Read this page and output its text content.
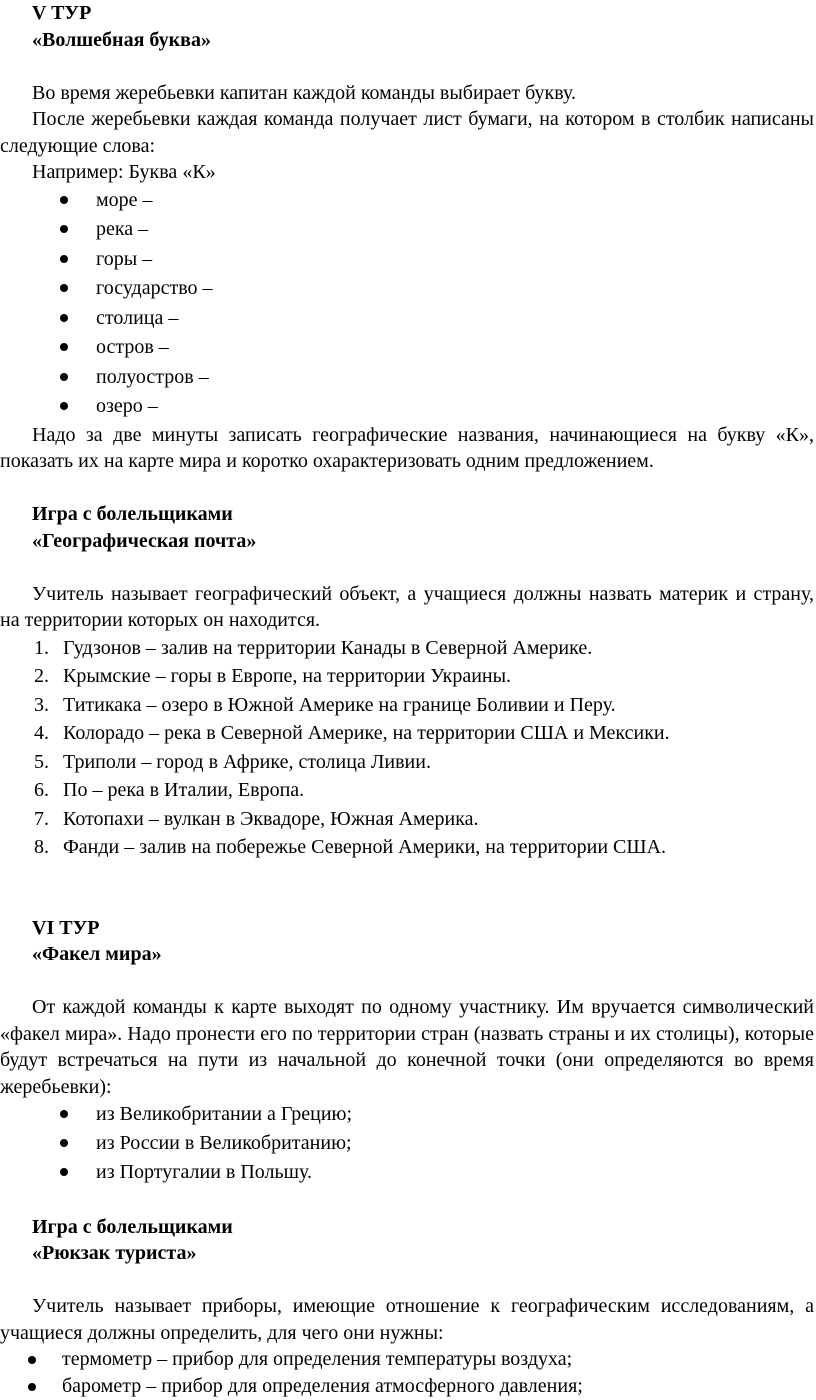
V ТУР

«Волшебная буква»

Во время жеребьевки капитан каждой команды выбирает букву.

После жеребьевки каждая команда получает лист бумаги, на котором в столбик написаны следующие слова:

Например: Буква «К»

море –
река –
горы –
государство –
столица –
остров –
полуостров –
озеро –

Надо за две минуты записать географические названия, начинающиеся на букву «К», показать их на карте мира и коротко охарактеризовать одним предложением.

Игра с болельщиками

«Географическая почта»

Учитель называет географический объект, а учащиеся должны назвать материк и страну, на территории которых он находится.

1. Гудзонов – залив на территории Канады в Северной Америке.
2. Крымские – горы в Европе, на территории Украины.
3. Титикака – озеро в Южной Америке на границе Боливии и Перу.
4. Колорадо – река в Северной Америке, на территории США и Мексики.
5. Триполи – город в Африке, столица Ливии.
6. По – река в Италии, Европа.
7. Котопахи – вулкан в Эквадоре, Южная Америка.
8. Фанди – залив на побережье Северной Америки, на территории США.

VI ТУР

«Факел мира»

От каждой команды к карте выходят по одному участнику. Им вручается символический «факел мира». Надо пронести его по территории стран (назвать страны и их столицы), которые будут встречаться на пути из начальной до конечной точки (они определяются во время жеребьевки):

из Великобритании а Грецию;
из России в Великобританию;
из Португалии в Польшу.

Игра с болельщиками

«Рюкзак туриста»

Учитель называет приборы, имеющие отношение к географическим исследованиям, а учащиеся должны определить, для чего они нужны:

термометр – прибор для определения температуры воздуха;
барометр – прибор для определения атмосферного давления;
